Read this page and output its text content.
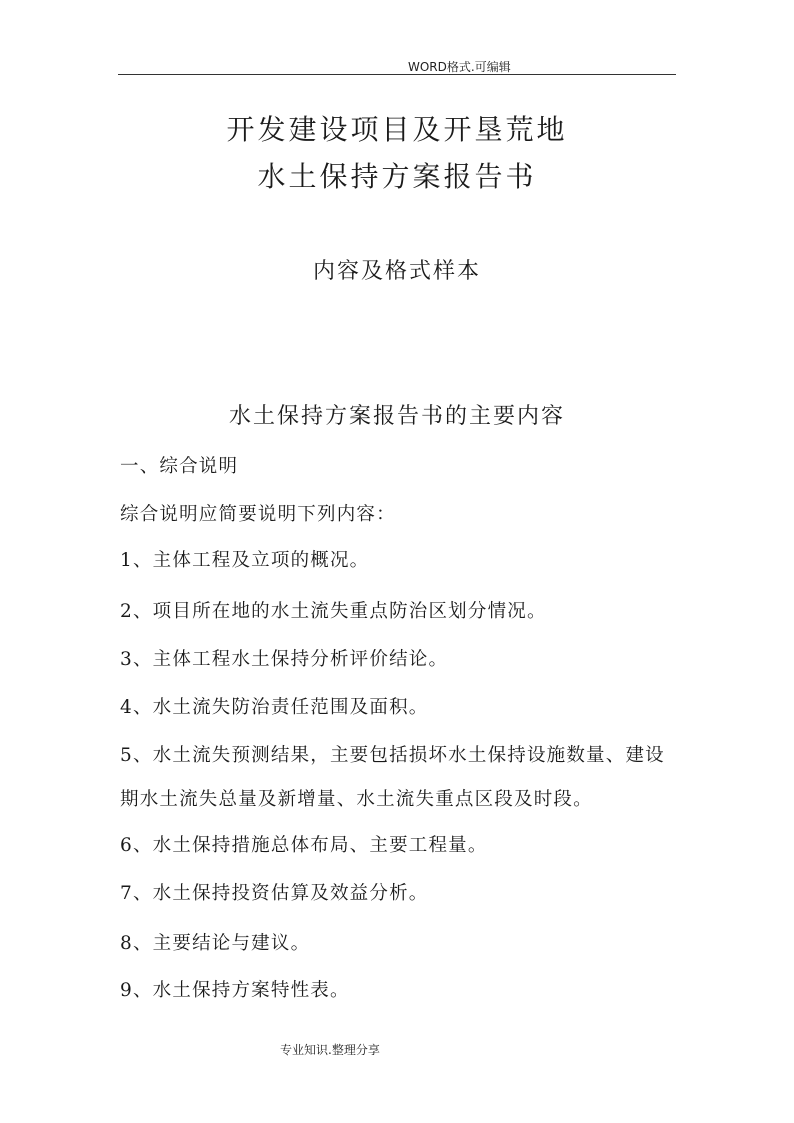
WORD格式.可编辑
开发建设项目及开垦荒地
水土保持方案报告书
内容及格式样本
水土保持方案报告书的主要内容
一、综合说明
综合说明应简要说明下列内容：
1、主体工程及立项的概况。
2、项目所在地的水土流失重点防治区划分情况。
3、主体工程水土保持分析评价结论。
4、水土流失防治责任范围及面积。
5、水土流失预测结果，主要包括损坏水土保持设施数量、建设
期水土流失总量及新增量、水土流失重点区段及时段。
6、水土保持措施总体布局、主要工程量。
7、水土保持投资估算及效益分析。
8、主要结论与建议。
9、水土保持方案特性表。
专业知识.整理分享
